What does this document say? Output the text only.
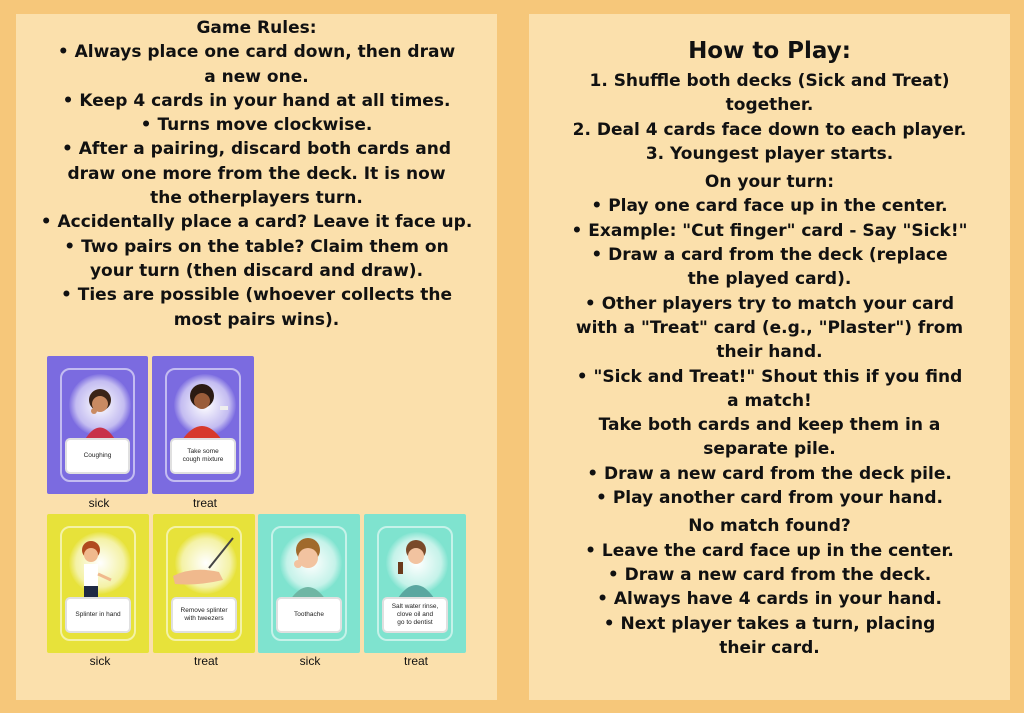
Game Rules:
• Always place one card down, then draw
a new one.
• Keep 4 cards in your hand at all times.
• Turns move clockwise.
• After a pairing, discard both cards and
draw one more from the deck. It is now
the otherplayers turn.
• Accidentally place a card? Leave it face up.
• Two pairs on the table? Claim them on
your turn (then discard and draw).
• Ties are possible (whoever collects the
most pairs wins).
How to Play:
1. Shuffle both decks (Sick and Treat)
together.
2. Deal 4 cards face down to each player.
3. Youngest player starts.
On your turn:
• Play one card face up in the center.
• Example: "Cut finger" card - Say "Sick!"
• Draw a card from the deck (replace
the played card).
• Other players try to match your card
with a "Treat" card (e.g., "Plaster") from
their hand.
• "Sick and Treat!" Shout this if you find
a match!
Take both cards and keep them in a
separate pile.
• Draw a new card from the deck pile.
• Play another card from your hand.
No match found?
• Leave the card face up in the center.
• Draw a new card from the deck.
• Always have 4 cards in your hand.
• Next player takes a turn, placing
their card.
Coughing
sick
Take some
cough mixture
treat
Splinter in hand
sick
Remove splinter
with tweezers
treat
Toothache
sick
Salt water rinse,
clove oil and
go to dentist
treat
